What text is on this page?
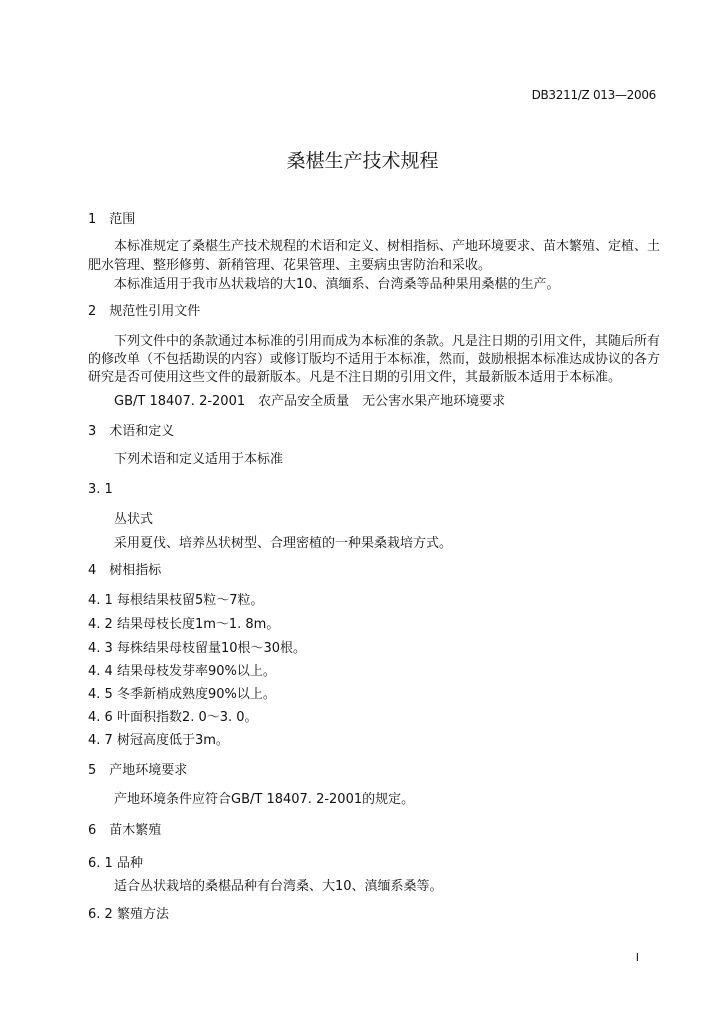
DB3211/Z 013—2006
桑椹生产技术规程
1　范围
本标准规定了桑椹生产技术规程的术语和定义、树相指标、产地环境要求、苗木繁殖、定植、土
肥水管理、整形修剪、新稍管理、花果管理、主要病虫害防治和采收。
本标准适用于我市丛状栽培的大10、滇缅系、台湾桑等品种果用桑椹的生产。
2　规范性引用文件
下列文件中的条款通过本标准的引用而成为本标准的条款。凡是注日期的引用文件，其随后所有
的修改单（不包括勘误的内容）或修订版均不适用于本标准，然而，鼓励根据本标准达成协议的各方
研究是否可使用这些文件的最新版本。凡是不注日期的引用文件，其最新版本适用于本标准。
GB/T 18407. 2-2001　农产品安全质量　无公害水果产地环境要求
3　术语和定义
下列术语和定义适用于本标准
3. 1
丛状式
采用夏伐、培养丛状树型、合理密植的一种果桑栽培方式。
4　树相指标
4. 1 每根结果枝留5粒～7粒。
4. 2 结果母枝长度1m～1. 8m。
4. 3 每株结果母枝留量10根～30根。
4. 4 结果母枝发芽率90%以上。
4. 5 冬季新梢成熟度90%以上。
4. 6 叶面积指数2. 0～3. 0。
4. 7 树冠高度低于3m。
5　产地环境要求
产地环境条件应符合GB/T 18407. 2-2001的规定。
6　苗木繁殖
6. 1 品种
适合丛状栽培的桑椹品种有台湾桑、大10、滇缅系桑等。
6. 2 繁殖方法
I
